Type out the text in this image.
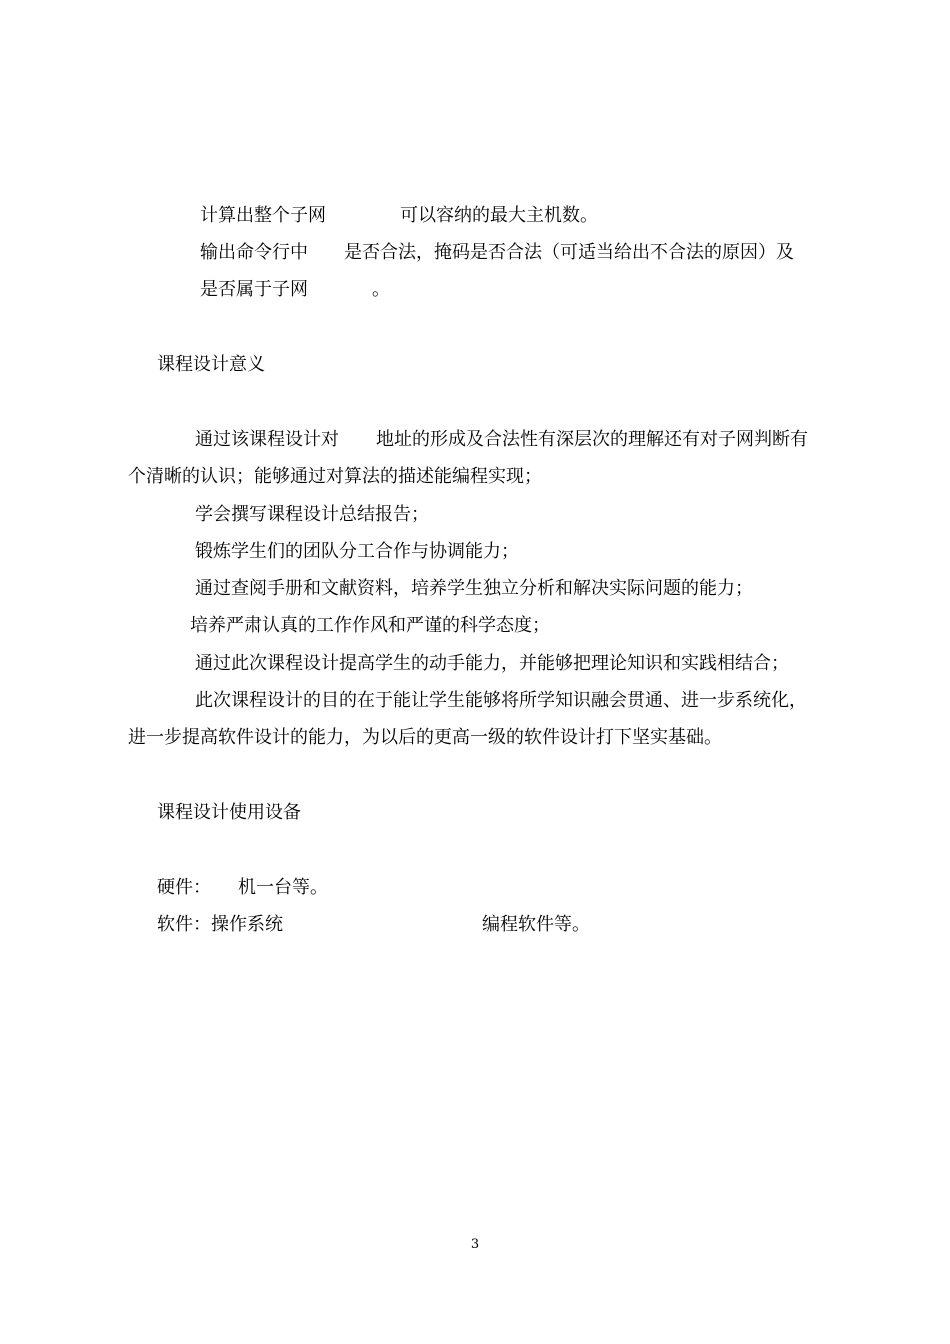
计算出整个子网	可以容纳的最大主机数。
输出命令行中 是否合法，掩码是否合法（可适当给出不合法的原因）及
是否属于子网	。
课程设计意义
通过该课程设计对 地址的形成及合法性有深层次的理解还有对子网判断有
个清晰的认识；能够通过对算法的描述能编程实现；
学会撰写课程设计总结报告；
锻炼学生们的团队分工合作与协调能力；
通过查阅手册和文献资料，培养学生独立分析和解决实际问题的能力；
培养严肃认真的工作作风和严谨的科学态度；
通过此次课程设计提高学生的动手能力，并能够把理论知识和实践相结合；
此次课程设计的目的在于能让学生能够将所学知识融会贯通、进一步系统化，
进一步提高软件设计的能力，为以后的更高一级的软件设计打下坚实基础。
课程设计使用设备
硬件： 机一台等。
软件：操作系统	编程软件等。
3
